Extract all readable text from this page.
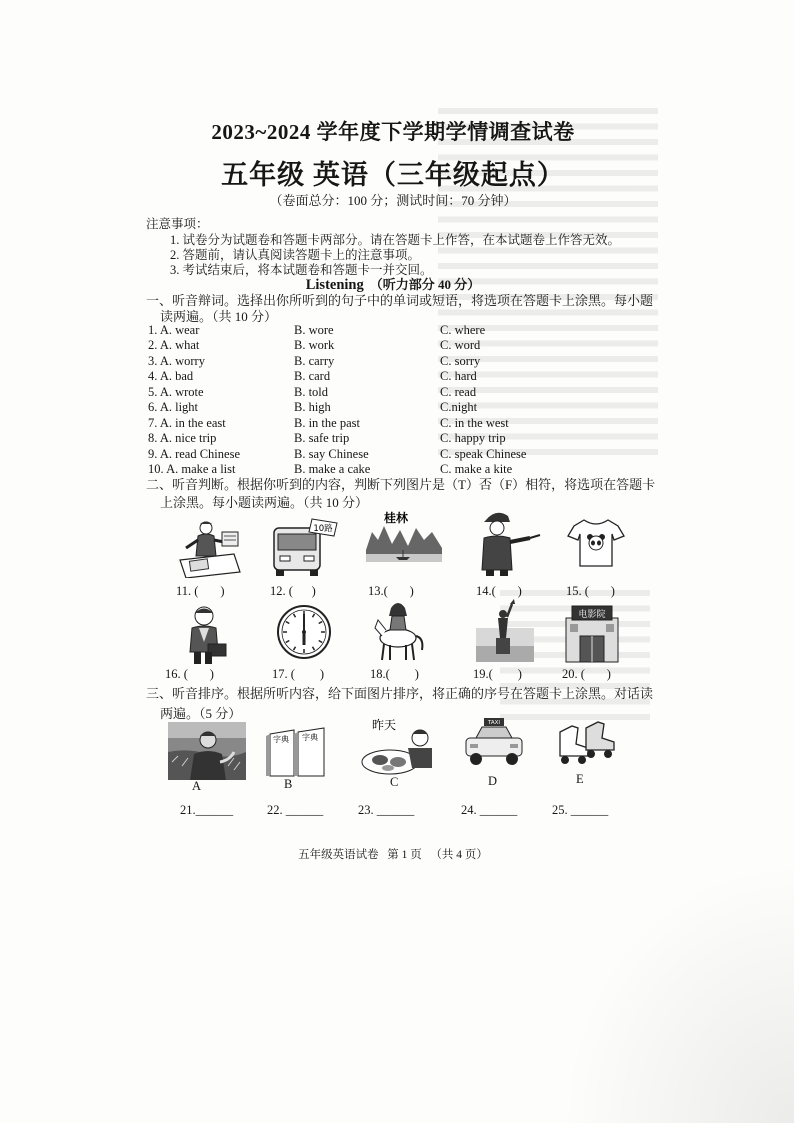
2023~2024 学年度下学期学情调查试卷
五年级 英语（三年级起点）
（卷面总分：100 分；测试时间：70 分钟）
注意事项：
1. 试卷分为试题卷和答题卡两部分。请在答题卡上作答，在本试题卷上作答无效。
2. 答题前，请认真阅读答题卡上的注意事项。
3. 考试结束后，将本试题卷和答题卡一并交回。
Listening （听力部分 40 分）
一、听音辩词。选择出你所听到的句子中的单词或短语，将选项在答题卡上涂黑。每小题
读两遍。（共 10 分）
1. A. wear	B. wore	C. where
2. A. what	B. work	C. word
3. A. worry	B. carry	C. sorry
4. A. bad	B. card	C. hard
5. A. wrote	B. told	C. read
6. A. light	B. high	C.night
7. A. in the east	B. in the past	C. in the west
8. A. nice trip	B. safe trip	C. happy trip
9. A. read Chinese	B. say Chinese	C. speak Chinese
10. A. make a list	B. make a cake	C. make a kite
二、听音判断。根据你听到的内容，判断下列图片是（T）否（F）相符，将选项在答题卡
上涂黑。每小题读两遍。（共 10 分）
10路
桂林
11. (       )	12. (      )	13.(       )	14.(       )	15. (       )
电影院
16. (       )	17. (        )	18.(        )	19.(        )	20. (       )
三、听音排序。根据所听内容，给下面图片排序，将正确的序号在答题卡上涂黑。对话读
两遍。（5 分）
字典 字典
昨天	TAXI
A	B	C	D	E
21.______	22. ______	23. ______	24. ______	25. ______
五年级英语试卷   第 1 页   （共 4 页）
